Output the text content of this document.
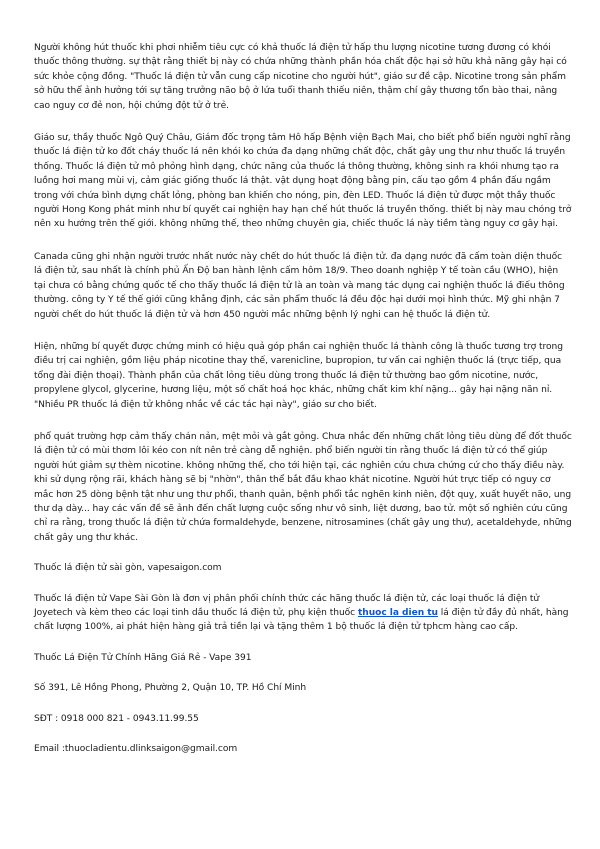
Người không hút thuốc khi phơi nhiễm tiêu cực có khả thuốc lá điện tử hấp thu lượng nicotine tương đương có khói thuốc thông thường. sự thật rằng thiết bị này có chứa những thành phần hóa chất độc hại sở hữu khả năng gây hại có sức khỏe cộng đồng. "Thuốc lá điện tử vẫn cung cấp nicotine cho người hút", giáo sư đề cập. Nicotine trong sản phẩm sở hữu thể ảnh hưởng tới sự tăng trưởng não bộ ở lứa tuổi thanh thiếu niên, thậm chí gây thương tổn bào thai, nâng cao nguy cơ đẻ non, hội chứng đột tử ở trẻ.

Giáo sư, thầy thuốc Ngô Quý Châu, Giám đốc trọng tâm Hô hấp Bệnh viện Bạch Mai, cho biết phổ biến người nghĩ rằng thuốc lá điện tử ko đốt cháy thuốc lá nên khói ko chứa đa dạng những chất độc, chất gây ung thư như thuốc lá truyền thống. Thuốc lá điện tử mô phỏng hình dạng, chức năng của thuốc lá thông thường, không sinh ra khói nhưng tạo ra luồng hơi mang mùi vị, cảm giác giống thuốc lá thật. vật dụng hoạt động bằng pin, cấu tạo gồm 4 phần đấu ngầm trong với chứa bình dựng chất lỏng, phòng ban khiến cho nóng, pin, đèn LED. Thuốc lá điện tử được một thầy thuốc người Hong Kong phát minh như bí quyết cai nghiện hay hạn chế hút thuốc lá truyền thống. thiết bị này mau chóng trở nên xu hướng trên thế giới. không những thế, theo những chuyên gia, chiếc thuốc lá này tiềm tàng nguy cơ gây hại.

Canada cũng ghi nhận người trước nhất nước này chết do hút thuốc lá điện tử. đa dạng nước đã cấm toàn diện thuốc lá điện tử, sau nhất là chính phủ Ấn Độ ban hành lệnh cấm hôm 18/9. Theo doanh nghiệp Y tế toàn cầu (WHO), hiện tại chưa có bằng chứng quốc tế cho thấy thuốc lá điện tử là an toàn và mang tác dụng cai nghiện thuốc lá điếu thông thường. công ty Y tế thế giới cũng khẳng định, các sản phẩm thuốc lá đều độc hại dưới mọi hình thức. Mỹ ghi nhận 7 người chết do hút thuốc lá điện tử và hơn 450 người mắc những bệnh lý nghi can hệ thuốc lá điện tử.

Hiện, những bí quyết được chứng minh có hiệu quả góp phần cai nghiện thuốc lá thành công là thuốc tương trợ trong điều trị cai nghiện, gồm liệu pháp nicotine thay thế, varenicline, bupropion, tư vấn cai nghiện thuốc lá (trực tiếp, qua tổng đài điện thoại). Thành phần của chất lỏng tiêu dùng trong thuốc lá điện tử thường bao gồm nicotine, nước, propylene glycol, glycerine, hương liệu, một số chất hoá học khác, những chất kim khí nặng... gây hại nặng năn nỉ. "Nhiều PR thuốc lá điện tử không nhắc về các tác hại này", giáo sư cho biết.

phổ quát trường hợp cảm thấy chán nản, mệt mỏi và gắt gỏng. Chưa nhắc đến những chất lỏng tiêu dùng để đốt thuốc lá điện tử có mùi thơm lôi kéo con nít nên trẻ càng dễ nghiện. phổ biến người tin rằng thuốc lá điện tử có thể giúp người hút giảm sự thèm nicotine. không những thế, cho tới hiện tại, các nghiên cứu chưa chứng cứ cho thấy điều này. khi sử dụng rộng rãi, khách hàng sẽ bị "nhờn", thân thể bắt đầu khao khát nicotine. Người hút trực tiếp có nguy cơ mắc hơn 25 dòng bệnh tật như ung thư phổi, thanh quản, bệnh phổi tắc nghẽn kinh niên, đột quỵ, xuất huyết não, ung thư dạ dày... hay các vấn đề sẽ ảnh đến chất lượng cuộc sống như vô sinh, liệt dương, bao tử. một số nghiên cứu cũng chỉ ra rằng, trong thuốc lá điện tử chứa formaldehyde, benzene, nitrosamines (chất gây ung thư), acetaldehyde, những chất gây ung thư khác.

Thuốc lá điện tử sài gòn, vapesaigon.com

Thuốc lá điện tử Vape Sài Gòn là đơn vị phân phối chính thức các hãng thuốc lá điện tử, các loại thuốc lá điện tử Joyetech và kèm theo các loại tinh dầu thuốc lá điện tử, phụ kiện thuốc thuoc la dien tu lá điện tử đầy đủ nhất, hàng chất lượng 100%, ai phát hiện hàng giả trả tiền lại và tặng thêm 1 bộ thuốc lá điện tử tphcm hàng cao cấp.

Thuốc Lá Điện Tử Chính Hãng Giá Rẻ - Vape 391

Số 391, Lê Hồng Phong, Phường 2, Quận 10, TP. Hồ Chí Minh

SĐT : 0918 000 821 - 0943.11.99.55

Email :thuocladientu.dlinksaigon@gmail.com
